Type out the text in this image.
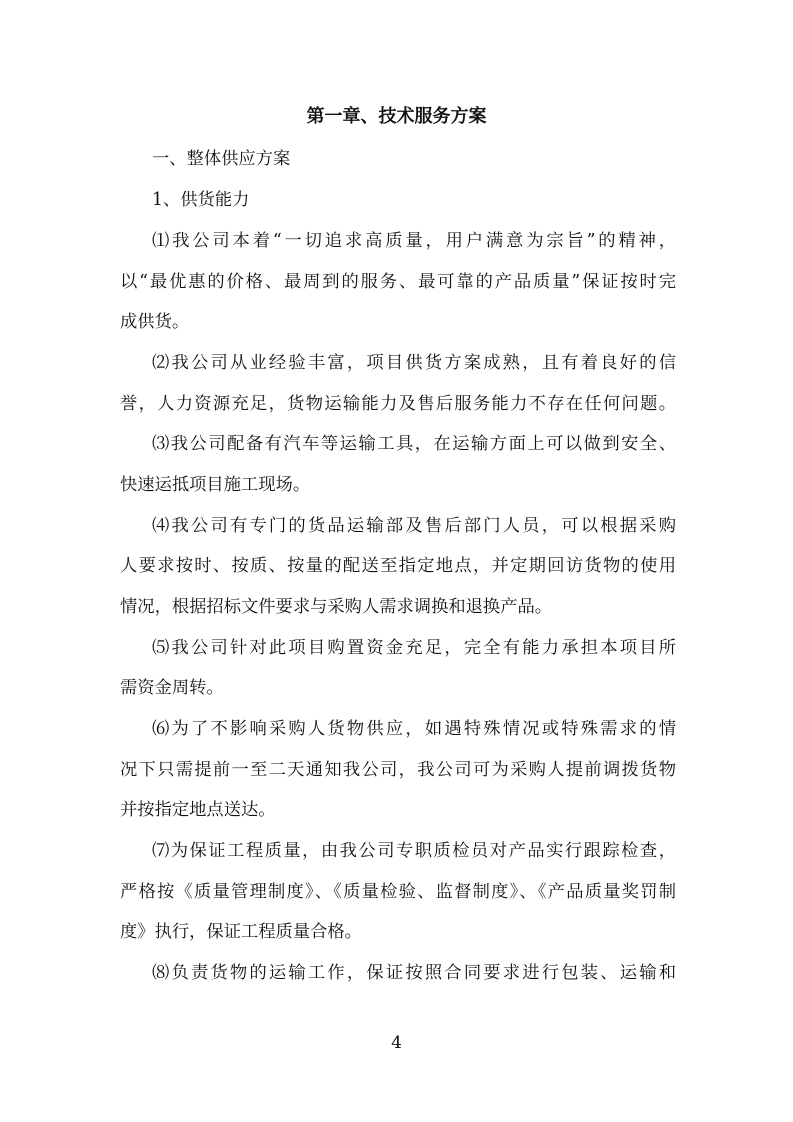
第一章、技术服务方案
一、整体供应方案
1、供货能力
⑴我公司本着“一切追求高质量，用户满意为宗旨”的精神，
以“最优惠的价格、最周到的服务、最可靠的产品质量”保证按时完
成供货。
⑵我公司从业经验丰富，项目供货方案成熟，且有着良好的信
誉，人力资源充足，货物运输能力及售后服务能力不存在任何问题。
⑶我公司配备有汽车等运输工具，在运输方面上可以做到安全、
快速运抵项目施工现场。
⑷我公司有专门的货品运输部及售后部门人员，可以根据采购
人要求按时、按质、按量的配送至指定地点，并定期回访货物的使用
情况，根据招标文件要求与采购人需求调换和退换产品。
⑸我公司针对此项目购置资金充足，完全有能力承担本项目所
需资金周转。
⑹为了不影响采购人货物供应，如遇特殊情况或特殊需求的情
况下只需提前一至二天通知我公司，我公司可为采购人提前调拨货物
并按指定地点送达。
⑺为保证工程质量，由我公司专职质检员对产品实行跟踪检查，
严格按《质量管理制度》、《质量检验、监督制度》、《产品质量奖罚制
度》执行，保证工程质量合格。
⑻负责货物的运输工作，保证按照合同要求进行包装、运输和
4
